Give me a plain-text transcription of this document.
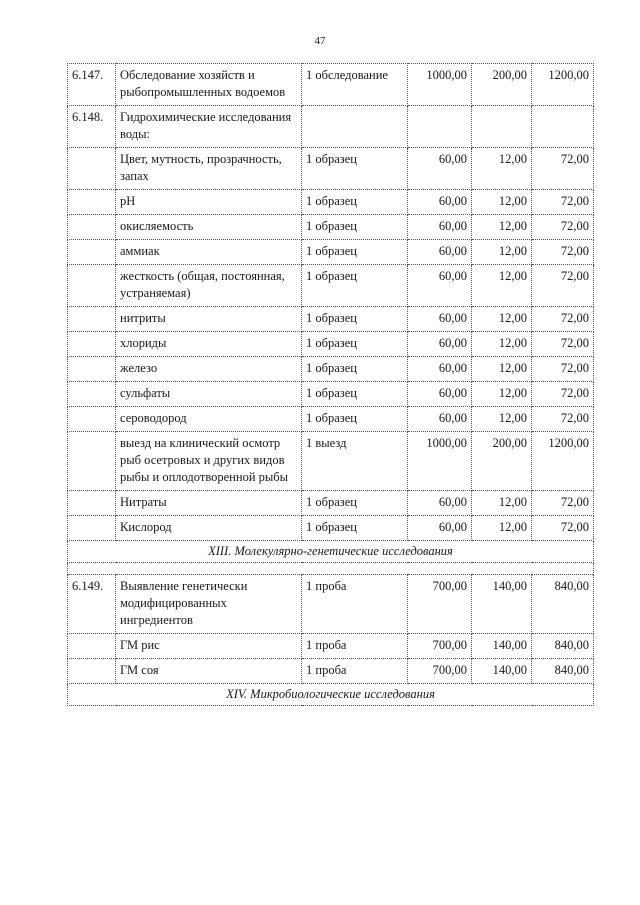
47
6.147.	Обследование хозяйств и рыбопромышленных водоемов	1 обследование	1000,00	200,00	1200,00
6.148.	Гидрохимические исследования воды:				
	Цвет, мутность, прозрачность, запах	1 образец	60,00	12,00	72,00
	pH	1 образец	60,00	12,00	72,00
	окисляемость	1 образец	60,00	12,00	72,00
	аммиак	1 образец	60,00	12,00	72,00
	жесткость (общая, постоянная, устраняемая)	1 образец	60,00	12,00	72,00
	нитриты	1 образец	60,00	12,00	72,00
	хлориды	1 образец	60,00	12,00	72,00
	железо	1 образец	60,00	12,00	72,00
	сульфаты	1 образец	60,00	12,00	72,00
	сероводород	1 образец	60,00	12,00	72,00
	выезд на клинический осмотр рыб осетровых и других видов рыбы и оплодотворенной рыбы	1 выезд	1000,00	200,00	1200,00
	Нитраты	1 образец	60,00	12,00	72,00
	Кислород	1 образец	60,00	12,00	72,00
XIII. Молекулярно-генетические исследования					

6.149.	Выявление генетически модифицированных ингредиентов	1 проба	700,00	140,00	840,00
	ГМ рис	1 проба	700,00	140,00	840,00
	ГМ соя	1 проба	700,00	140,00	840,00
XIV. Микробиологические исследования					
